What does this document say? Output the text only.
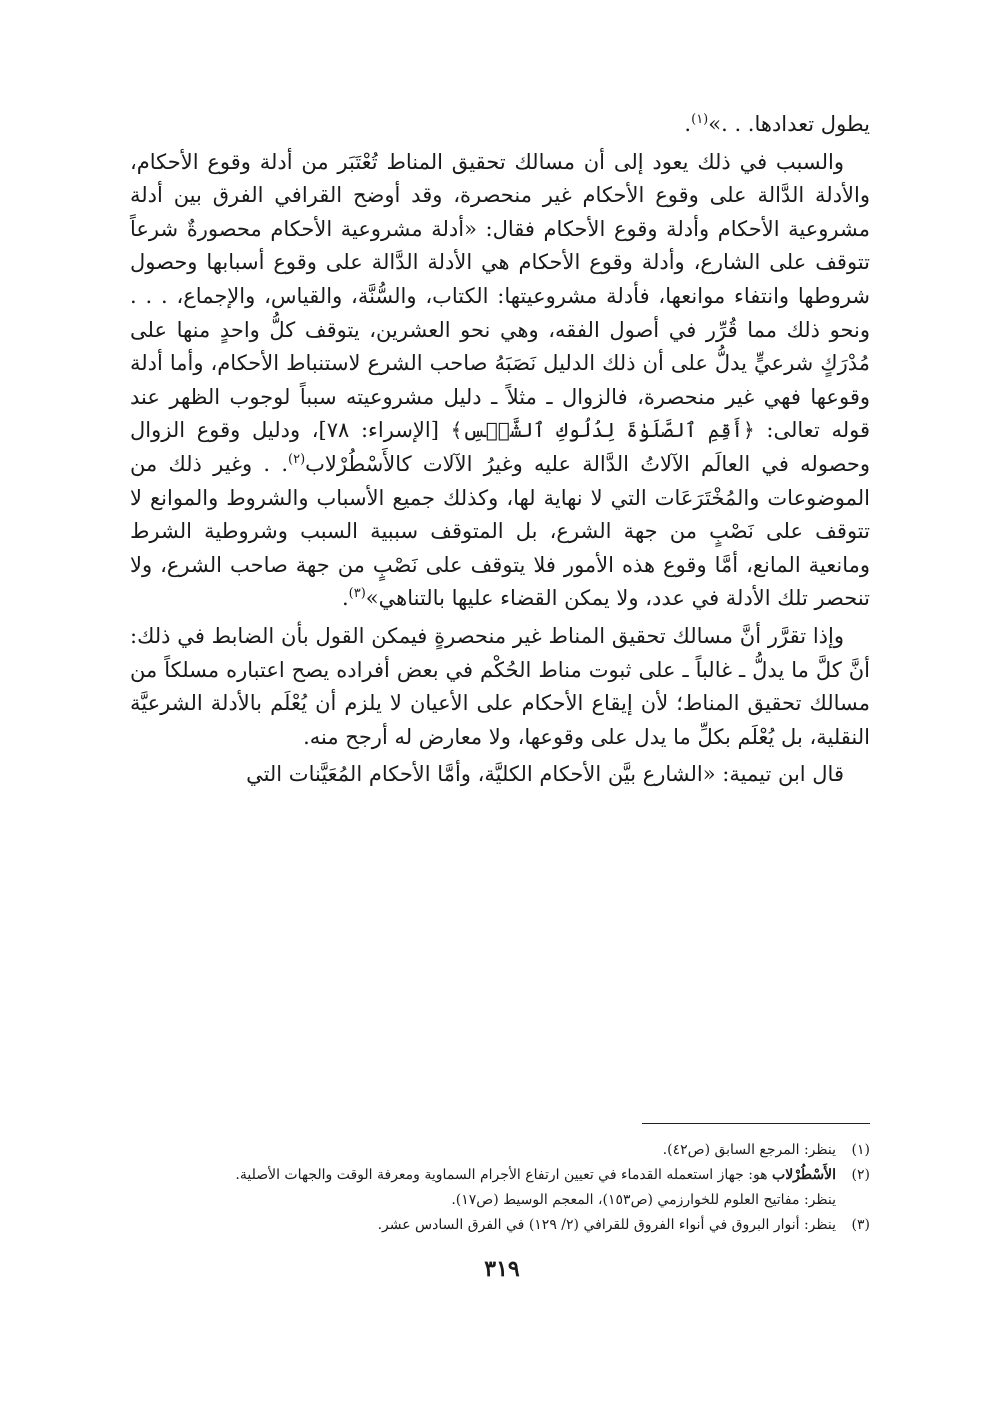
يطول تعدادها. . .»$^{(١)}$.

والسبب في ذلك يعود إلى أن مسالك تحقيق المناط تُعْتَبَر من أدلة وقوع الأحكام، والأدلة الدَّالة على وقوع الأحكام غير منحصرة، وقد أوضح القرافي الفرق بين أدلة مشروعية الأحكام وأدلة وقوع الأحكام فقال: «أدلة مشروعية الأحكام محصورةٌ شرعاً تتوقف على الشارع، وأدلة وقوع الأحكام هي الأدلة الدَّالة على وقوع أسبابها وحصول شروطها وانتفاء موانعها، فأدلة مشروعيتها: الكتاب، والسُّنَّة، والقياس، والإجماع، . . . ونحو ذلك مما قُرِّر في أصول الفقه، وهي نحو العشرين، يتوقف كلُّ واحدٍ منها على مُدْرَكٍ شرعيٍّ يدلُّ على أن ذلك الدليل نَصَبَهُ صاحب الشرع لاستنباط الأحكام، وأما أدلة وقوعها فهي غير منحصرة، فالزوال ـ مثلاً ـ دليل مشروعيته سبباً لوجوب الظهر عند قوله تعالى: ﴿أَقِمِ ٱلصَّلَوٰةَ لِدُلُوكِ ٱلشَّمۡسِ﴾ [الإسراء: ٧٨]، ودليل وقوع الزوال وحصوله في العالَم الآلاتُ الدَّالة عليه وغيرُ الآلات كالأَسْطُرْلاب$^{(٢)}$. . وغير ذلك من الموضوعات والمُخْتَرَعَات التي لا نهاية لها، وكذلك جميع الأسباب والشروط والموانع لا تتوقف على نَصْبٍ من جهة الشرع، بل المتوقف سببية السبب وشروطية الشرط ومانعية المانع، أمَّا وقوع هذه الأمور فلا يتوقف على نَصْبٍ من جهة صاحب الشرع، ولا تنحصر تلك الأدلة في عدد، ولا يمكن القضاء عليها بالتناهي»$^{(٣)}$.

وإذا تقرَّر أنَّ مسالك تحقيق المناط غير منحصرةٍ فيمكن القول بأن الضابط في ذلك: أنَّ كلَّ ما يدلُّ ـ غالباً ـ على ثبوت مناط الحُكْم في بعض أفراده يصح اعتباره مسلكاً من مسالك تحقيق المناط؛ لأن إيقاع الأحكام على الأعيان لا يلزم أن يُعْلَم بالأدلة الشرعيَّة النقلية، بل يُعْلَم بكلِّ ما يدل على وقوعها، ولا معارض له أرجح منه.

قال ابن تيمية: «الشارع بيَّن الأحكام الكليَّة، وأمَّا الأحكام المُعَيَّنات التي

(١)
ينظر: المرجع السابق (ص٤٢).
(٢)
الأَسْطُرْلاب هو: جهاز استعمله القدماء في تعيين ارتفاع الأجرام السماوية ومعرفة الوقت والجهات الأصلية.
ينظر: مفاتيح العلوم للخوارزمي (ص١٥٣)، المعجم الوسيط (ص١٧).
(٣)
ينظر: أنوار البروق في أنواء الفروق للقرافي (٢/ ١٢٩) في الفرق السادس عشر.
٣١٩
